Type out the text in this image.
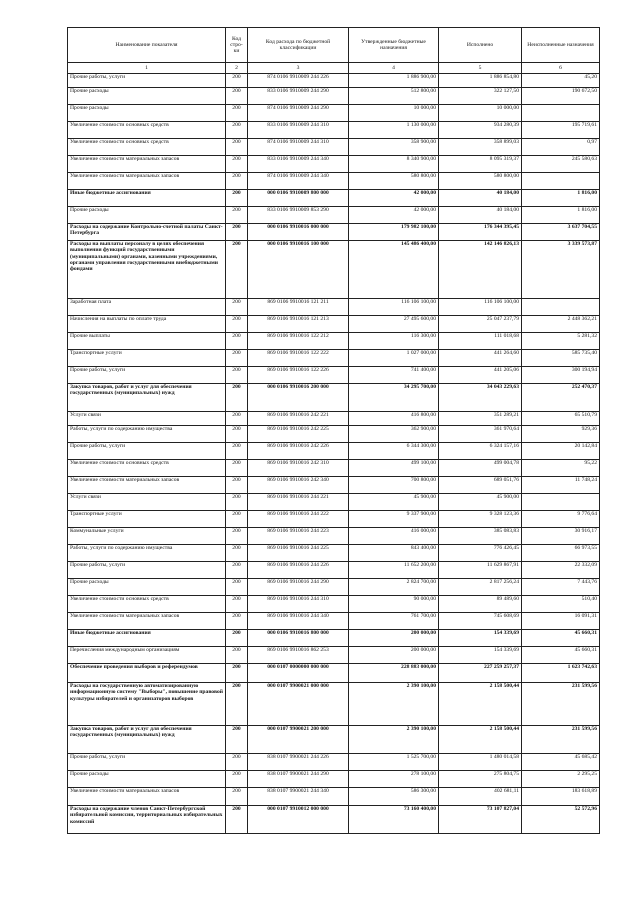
Наименование показателя	Код стро-ки	Код расхода по бюджетной классификации	Утвержденные бюджетные назначения	Исполнено	Неисполненные назначения
1	2	3	4	5	6
Прочие работы, услуги	200	874 0106 9910009 244 226	1 886 900,00	1 886 854,80	45,20
Прочие расходы	200	833 0106 9910009 244 290	512 800,00	322 127,50	190 672,50
Прочие расходы	200	874 0106 9910009 244 290	10 000,00	10 000,00	
Увеличение стоимости основных средств	200	833 0106 9910009 244 310	1 130 000,00	934 280,39	195 719,61
Увеличение стоимости основных средств	200	874 0106 9910009 244 310	358 900,00	358 899,03	0,97
Увеличение стоимости материальных запасов	200	833 0106 9910009 244 340	8 340 900,00	8 095 319,37	245 580,63
Увеличение стоимости материальных запасов	200	874 0106 9910009 244 340	580 800,00	580 800,00	
Иные бюджетные ассигнования	200	000 0106 9910009 800 000	42 000,00	40 184,00	1 816,00
Прочие расходы	200	833 0106 9910009 853 290	42 000,00	40 184,00	1 816,00
Расходы на содержание Контрольно-счетной палаты Санкт-Петербурга	200	000 0106 9910016 000 000	179 982 100,00	176 344 395,45	3 637 704,55
Расходы на выплаты персоналу в целях обеспечения выполнения функций государственными (муниципальными) органами, казенными учреждениями, органами управления государственными внебюджетными фондами	200	000 0106 9910016 100 000	145 486 400,00	142 146 826,13	3 339 573,87
Заработная плата	200	869 0106 9910016 121 211	116 106 100,00	116 106 100,00	
Начисления на выплаты по оплате труда	200	869 0106 9910016 121 213	27 495 600,00	25 047 237,79	2 448 362,21
Прочие выплаты	200	869 0106 9910016 122 212	116 300,00	111 018,68	5 281,32
Транспортные услуги	200	869 0106 9910016 122 222	1 027 000,00	441 264,60	585 735,40
Прочие работы, услуги	200	869 0106 9910016 122 226	741 400,00	441 205,06	300 194,94
Закупка товаров, работ и услуг для обеспечения государственных (муниципальных) нужд	200	000 0106 9910016 200 000	34 295 700,00	34 043 229,63	252 470,37
Услуги связи	200	869 0106 9910016 242 221	416 800,00	351 289,21	65 510,79
Работы, услуги по содержанию имущества	200	869 0106 9910016 242 225	362 900,00	361 970,64	929,36
Прочие работы, услуги	200	869 0106 9910016 242 226	6 344 300,00	6 324 157,16	20 142,84
Увеличение стоимости основных средств	200	869 0106 9910016 242 310	499 100,00	499 004,78	95,22
Увеличение стоимости материальных запасов	200	869 0106 9910016 242 340	700 800,00	689 051,76	11 748,24
Услуги связи	200	869 0106 9910016 244 221	45 900,00	45 900,00	
Транспортные услуги	200	869 0106 9910016 244 222	9 337 900,00	9 328 123,36	9 776,64
Коммунальные услуги	200	869 0106 9910016 244 223	416 000,00	385 083,83	30 916,17
Работы, услуги по содержанию имущества	200	869 0106 9910016 244 225	843 400,00	776 426,45	66 973,55
Прочие работы, услуги	200	869 0106 9910016 244 226	11 652 200,00	11 629 867,91	22 332,09
Прочие расходы	200	869 0106 9910016 244 290	2 824 700,00	2 817 256,24	7 443,76
Увеличение стоимости основных средств	200	869 0106 9910016 244 310	90 000,00	89 489,60	510,40
Увеличение стоимости материальных запасов	200	869 0106 9910016 244 340	761 700,00	745 608,69	16 091,31
Иные бюджетные ассигнования	200	000 0106 9910016 800 000	200 000,00	154 339,69	45 660,31
Перечисления международным организациям	200	869 0106 9910016 862 253	200 000,00	154 339,69	45 660,31
Обеспечение проведения выборов и референдумов	200	000 0107 0000000 000 000	228 883 000,00	227 259 257,37	1 623 742,63
Расходы на государственную автоматизированную информационную систему "Выборы", повышение правовой культуры избирателей и организаторов выборов	200	000 0107 9900021 000 000	2 390 100,00	2 158 500,44	231 599,56
Закупка товаров, работ и услуг для обеспечения государственных (муниципальных) нужд	200	000 0107 9900021 200 000	2 390 100,00	2 158 500,44	231 599,56
Прочие работы, услуги	200	838 0107 9900021 244 226	1 525 700,00	1 480 014,58	45 685,42
Прочие расходы	200	838 0107 9900021 244 290	278 100,00	275 804,75	2 295,25
Увеличение стоимости материальных запасов	200	838 0107 9900021 244 340	586 300,00	402 681,11	183 618,89
Расходы на содержание членов Санкт-Петербургской избирательной комиссии, территориальных избирательных комиссий	200	000 0107 9910012 000 000	73 160 400,00	73 107 827,04	52 572,96
